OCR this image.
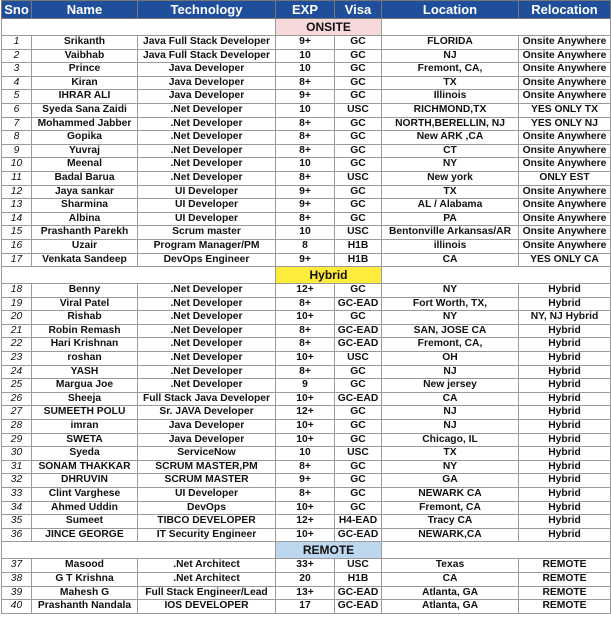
Sno	Name	Technology	EXP	Visa	Location	Relocation
			ONSITE			
1	Srikanth	Java Full Stack Developer	9+	GC	FLORIDA	Onsite Anywhere
2	Vaibhab	Java Full Stack Developer	10	GC	NJ	Onsite Anywhere
3	Prince	Java Developer	10	GC	Fremont, CA,	Onsite Anywhere
4	Kiran	Java Developer	8+	GC	TX	Onsite Anywhere
5	IHRAR ALI	Java Developer	9+	GC	Illinois	Onsite Anywhere
6	Syeda Sana Zaidi	.Net Developer	10	USC	RICHMOND,TX	YES ONLY TX
7	Mohammed Jabber	.Net Developer	8+	GC	NORTH,BERELLIN, NJ	YES ONLY NJ
8	Gopika	.Net Developer	8+	GC	New ARK ,CA	Onsite Anywhere
9	Yuvraj	.Net Developer	8+	GC	CT	Onsite Anywhere
10	Meenal	.Net Developer	10	GC	NY	Onsite Anywhere
11	Badal Barua	.Net Developer	8+	USC	New york	ONLY EST
12	Jaya sankar	UI Developer	9+	GC	TX	Onsite Anywhere
13	Sharmina	UI Developer	9+	GC	AL / Alabama	Onsite Anywhere
14	Albina	UI Developer	8+	GC	PA	Onsite Anywhere
15	Prashanth Parekh	Scrum master	10	USC	Bentonville Arkansas/AR	Onsite Anywhere
16	Uzair	Program Manager/PM	8	H1B	illinois	Onsite Anywhere
17	Venkata Sandeep	DevOps Engineer	9+	H1B	CA	YES ONLY CA
			Hybrid			
18	Benny	.Net Developer	12+	GC	NY	Hybrid
19	Viral Patel	.Net Developer	8+	GC-EAD	Fort Worth, TX,	Hybrid
20	Rishab	.Net Developer	10+	GC	NY	NY, NJ Hybrid
21	Robin Remash	.Net Developer	8+	GC-EAD	SAN, JOSE CA	Hybrid
22	Hari Krishnan	.Net Developer	8+	GC-EAD	Fremont, CA,	Hybrid
23	roshan	.Net Developer	10+	USC	OH	Hybrid
24	YASH	.Net Developer	8+	GC	NJ	Hybrid
25	Margua Joe	.Net Developer	9	GC	New jersey	Hybrid
26	Sheeja	Full Stack Java Developer	10+	GC-EAD	CA	Hybrid
27	SUMEETH POLU	Sr. JAVA Developer	12+	GC	NJ	Hybrid
28	imran	Java Developer	10+	GC	NJ	Hybrid
29	SWETA	Java Developer	10+	GC	Chicago, IL	Hybrid
30	Syeda	ServiceNow	10	USC	TX	Hybrid
31	SONAM THAKKAR	SCRUM MASTER,PM	8+	GC	NY	Hybrid
32	DHRUVIN	SCRUM MASTER	9+	GC	GA	Hybrid
33	Clint Varghese	UI Developer	8+	GC	NEWARK CA	Hybrid
34	Ahmed Uddin	DevOps	10+	GC	Fremont, CA	Hybrid
35	Sumeet	TIBCO DEVELOPER	12+	H4-EAD	Tracy CA	Hybrid
36	JINCE GEORGE	IT Security Engineer	10+	GC-EAD	NEWARK,CA	Hybrid
			REMOTE			
37	Masood	.Net Architect	33+	USC	Texas	REMOTE
38	G T Krishna	.Net Architect	20	H1B	CA	REMOTE
39	Mahesh G	Full Stack Engineer/Lead	13+	GC-EAD	Atlanta, GA	REMOTE
40	Prashanth Nandala	IOS DEVELOPER	17	GC-EAD	Atlanta, GA	REMOTE
